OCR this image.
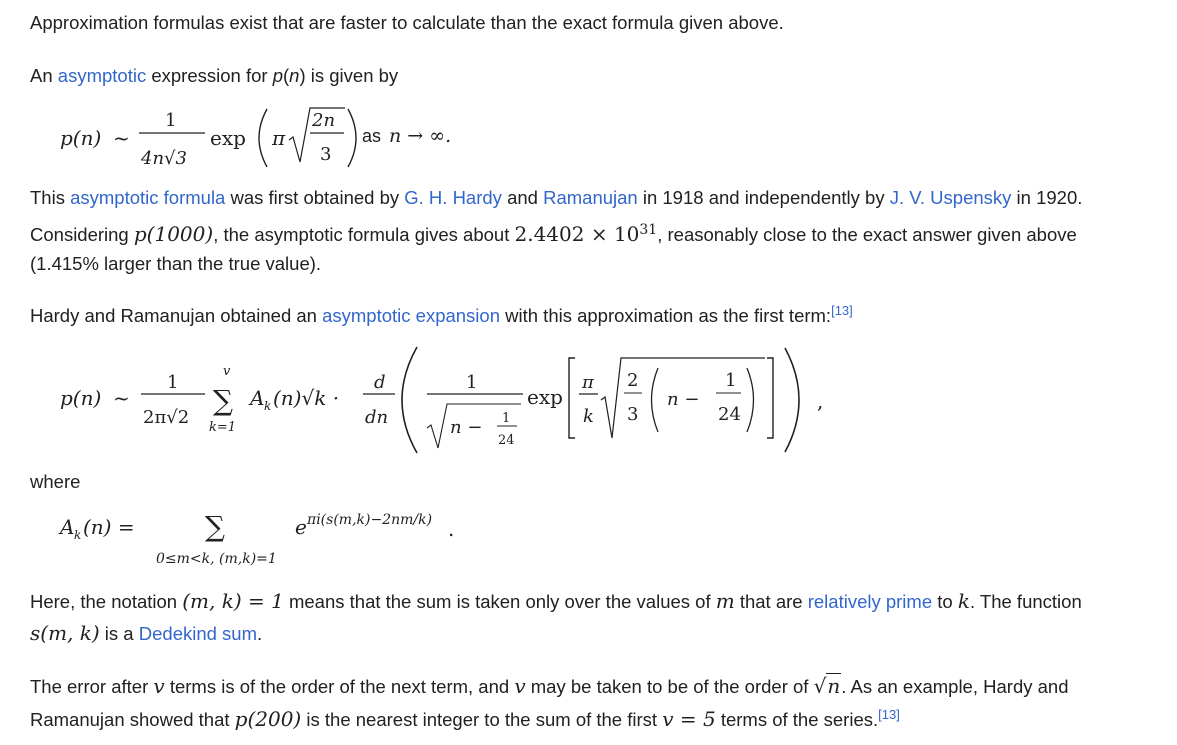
Approximation formulas exist that are faster to calculate than the exact formula given above.
An asymptotic expression for p(n) is given by
p(n) ~
1
4n√3
exp π
2n
3
as n → ∞.
This asymptotic formula was first obtained by G. H. Hardy and Ramanujan in 1918 and independently by J. V. Uspensky in 1920.
Considering p(1000), the asymptotic formula gives about $2.4402 \times 10^{31}$, reasonably close to the exact answer given above
(1.415% larger than the true value).
Hardy and Ramanujan obtained an asymptotic expansion with this approximation as the first term:[13]
p(n) ~
1
2π√2
v
∑
k=1
A k (n)√k ·
d
dn
1
n − 1
24
exp
π
k
2
3
n −
1
24
,
where
A k (n) =	∑
0≤m<k, (m,k)=1
e πi(s(m,k)−2nm/k) .
Here, the notation (m, k) = 1 means that the sum is taken only over the values of m that are relatively prime to k. The function
s(m, k) is a Dedekind sum.
The error after v terms is of the order of the next term, and v may be taken to be of the order of √n. As an example, Hardy and
Ramanujan showed that p(200) is the nearest integer to the sum of the first v = 5 terms of the series.[13]
